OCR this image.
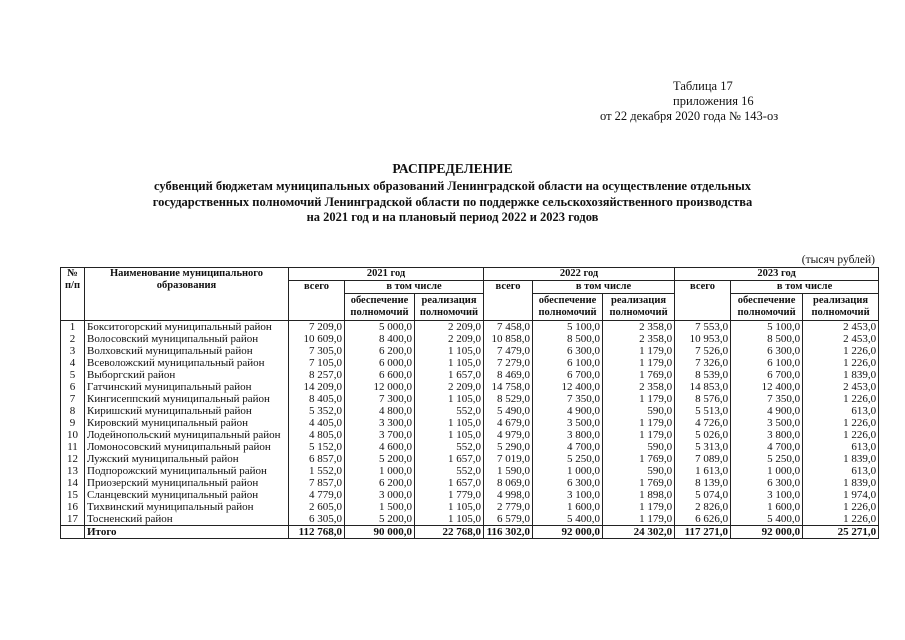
Таблица 17
приложения 16
от 22 декабря 2020 года № 143-оз
РАСПРЕДЕЛЕНИЕ
субвенций бюджетам муниципальных образований Ленинградской области на осуществление отдельных
государственных полномочий Ленинградской области по поддержке сельскохозяйственного производства
на 2021 год и на плановый период 2022 и 2023 годов
(тысяч рублей)
№ п/п	Наименование муниципального образования	2021 год			2022 год			2023 год		
		всего	в том числе		всего	в том числе		всего	в том числе	
			обеспечение полномочий	реализация полномочий		обеспечение полномочий	реализация полномочий		обеспечение полномочий	реализация полномочий
1	Бокситогорский муниципальный район	7 209,0	5 000,0	2 209,0	7 458,0	5 100,0	2 358,0	7 553,0	5 100,0	2 453,0
2	Волосовский муниципальный район	10 609,0	8 400,0	2 209,0	10 858,0	8 500,0	2 358,0	10 953,0	8 500,0	2 453,0
3	Волховский муниципальный район	7 305,0	6 200,0	1 105,0	7 479,0	6 300,0	1 179,0	7 526,0	6 300,0	1 226,0
4	Всеволожский муниципальный район	7 105,0	6 000,0	1 105,0	7 279,0	6 100,0	1 179,0	7 326,0	6 100,0	1 226,0
5	Выборгский район	8 257,0	6 600,0	1 657,0	8 469,0	6 700,0	1 769,0	8 539,0	6 700,0	1 839,0
6	Гатчинский муниципальный район	14 209,0	12 000,0	2 209,0	14 758,0	12 400,0	2 358,0	14 853,0	12 400,0	2 453,0
7	Кингисеппский муниципальный район	8 405,0	7 300,0	1 105,0	8 529,0	7 350,0	1 179,0	8 576,0	7 350,0	1 226,0
8	Киришский муниципальный район	5 352,0	4 800,0	552,0	5 490,0	4 900,0	590,0	5 513,0	4 900,0	613,0
9	Кировский муниципальный район	4 405,0	3 300,0	1 105,0	4 679,0	3 500,0	1 179,0	4 726,0	3 500,0	1 226,0
10	Лодейнопольский муниципальный район	4 805,0	3 700,0	1 105,0	4 979,0	3 800,0	1 179,0	5 026,0	3 800,0	1 226,0
11	Ломоносовский муниципальный район	5 152,0	4 600,0	552,0	5 290,0	4 700,0	590,0	5 313,0	4 700,0	613,0
12	Лужский муниципальный район	6 857,0	5 200,0	1 657,0	7 019,0	5 250,0	1 769,0	7 089,0	5 250,0	1 839,0
13	Подпорожский муниципальный район	1 552,0	1 000,0	552,0	1 590,0	1 000,0	590,0	1 613,0	1 000,0	613,0
14	Приозерский муниципальный район	7 857,0	6 200,0	1 657,0	8 069,0	6 300,0	1 769,0	8 139,0	6 300,0	1 839,0
15	Сланцевский муниципальный район	4 779,0	3 000,0	1 779,0	4 998,0	3 100,0	1 898,0	5 074,0	3 100,0	1 974,0
16	Тихвинский муниципальный район	2 605,0	1 500,0	1 105,0	2 779,0	1 600,0	1 179,0	2 826,0	1 600,0	1 226,0
17	Тосненский район	6 305,0	5 200,0	1 105,0	6 579,0	5 400,0	1 179,0	6 626,0	5 400,0	1 226,0
	Итого	112 768,0	90 000,0	22 768,0	116 302,0	92 000,0	24 302,0	117 271,0	92 000,0	25 271,0
